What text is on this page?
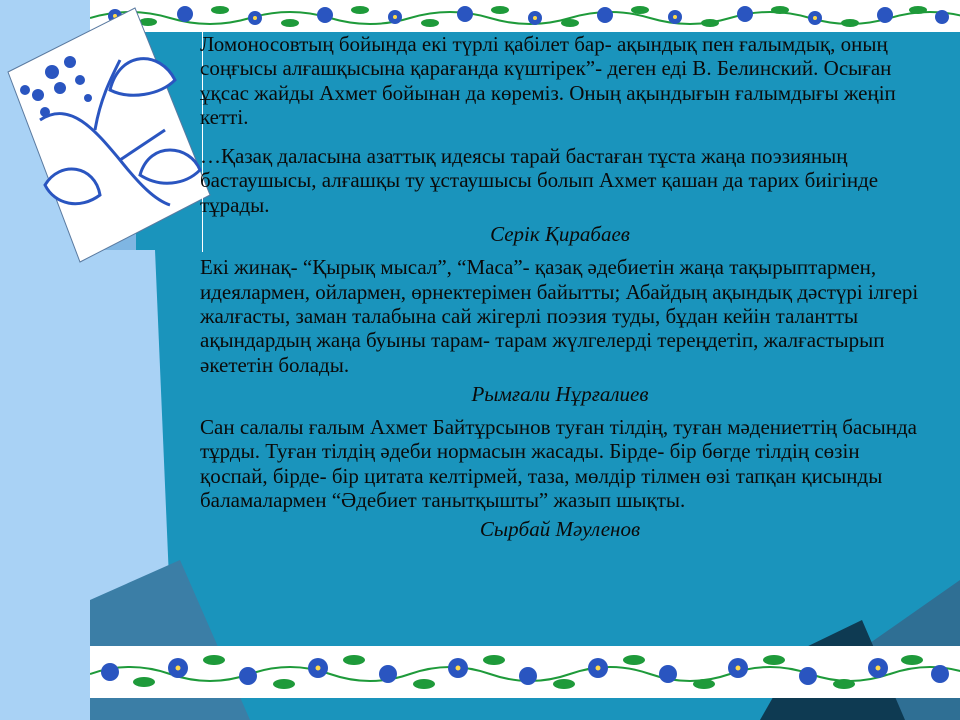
Ломоносовтың бойында екі түрлі қабілет бар- ақындық пен ғалымдық, оның соңғысы алғашқысына қарағанда күштірек”- деген еді В. Белинский. Осыған ұқсас жайды Ахмет бойынан да көреміз. Оның ақындығын ғалымдығы жеңіп кетті.

…Қазақ даласына азаттық идеясы тарай бастаған тұста жаңа поэзияның бастаушысы, алғашқы ту ұстаушысы болып Ахмет қашан да тарих биігінде тұрады.

Серік Қирабаев

Екі жинақ- “Қырық мысал”, “Маса”- қазақ әдебиетін жаңа тақырыптармен, идеялармен, ойлармен, өрнектерімен байытты; Абайдың ақындық дәстүрі ілгері жалғасты, заман талабына сай жігерлі поэзия туды, бұдан кейін талантты ақындардың жаңа буыны тарам- тарам жүлгелерді тереңдетіп, жалғастырып әкететін болады.

Рымғали Нұрғалиев

Сан салалы ғалым Ахмет Байтұрсынов туған тілдің, туған мәдениеттің басында тұрды. Туған тілдің әдеби нормасын жасады. Бірде- бір бөгде тілдің сөзін қоспай, бірде- бір цитата келтірмей, таза, мөлдір тілмен өзі тапқан қисынды баламалармен “Әдебиет танытқышты” жазып шықты.

Сырбай Мәуленов
